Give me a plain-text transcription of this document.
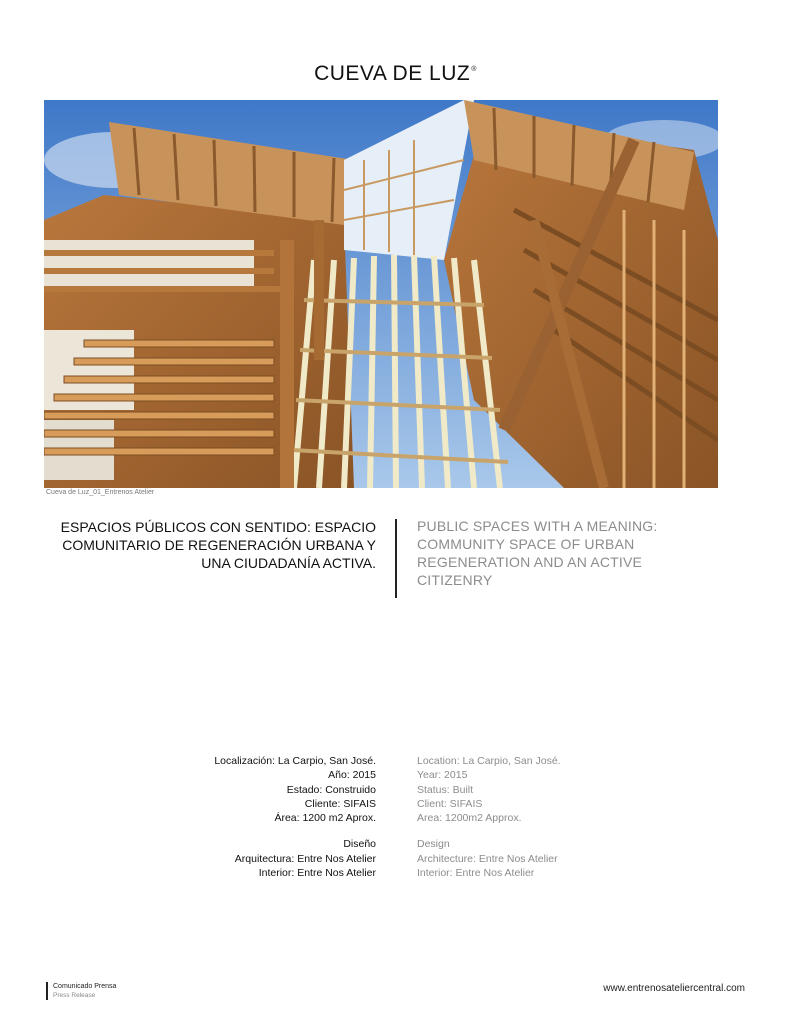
CUEVA DE LUZ®
Cueva de Luz_01_Entrenos Atelier
ESPACIOS PÚBLICOS CON SENTIDO: ESPACIO COMUNITARIO DE REGENERACIÓN URBANA Y UNA CIUDADANÍA ACTIVA.
PUBLIC SPACES WITH A MEANING: COMMUNITY SPACE OF URBAN REGENERATION AND AN ACTIVE CITIZENRY
Localización: La Carpio, San José.
Año: 2015
Estado: Construido
Cliente: SIFAIS
Área: 1200 m2 Aprox.
Diseño
Arquitectura: Entre Nos Atelier
Interior: Entre Nos Atelier
Location: La Carpio, San José.
Year: 2015
Status: Built
Client: SIFAIS
Area: 1200m2 Approx.
Design
Architecture: Entre Nos Atelier
Interior: Entre Nos Atelier
Comunicado Prensa
Press Release
www.entrenosateliercentral.com
